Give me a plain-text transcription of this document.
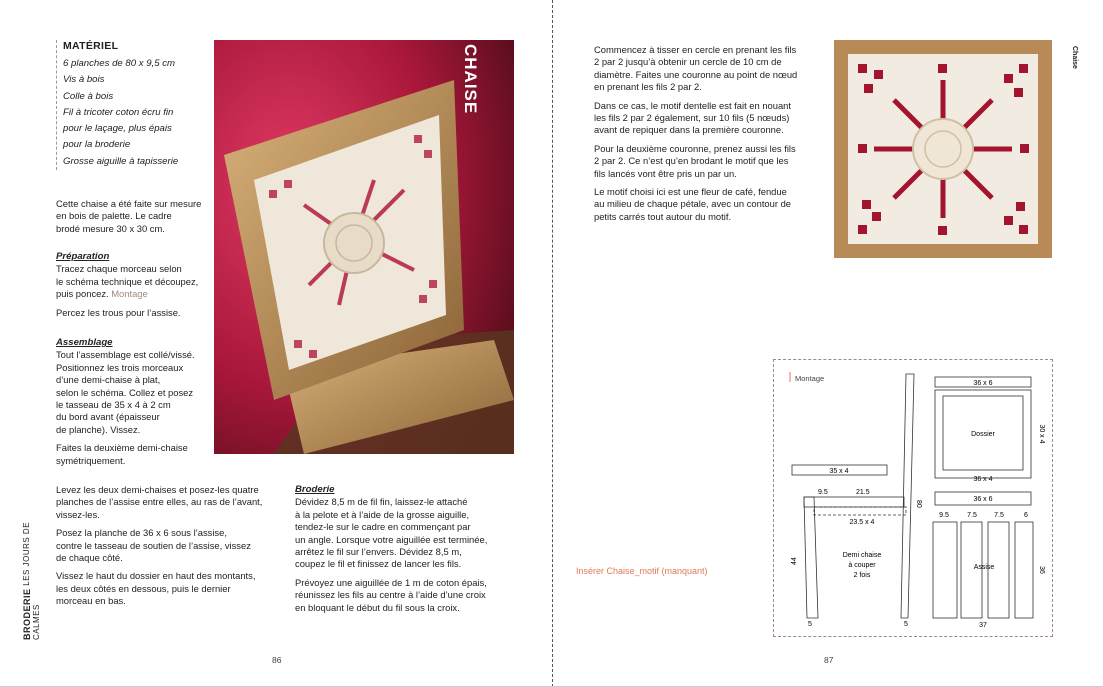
MATÉRIEL
6 planches de 80 x 9,5 cm
Vis à bois
Colle à bois
Fil à tricoter coton écru fin
pour le laçage, plus épais
pour la broderie
Grosse aiguille à tapisserie
Cette chaise a été faite sur mesure
en bois de palette. Le cadre
brodé mesure 30 x 30 cm.
Préparation
Tracez chaque morceau selon
le schéma technique et découpez,
puis poncez. Montage
Percez les trous pour l’assise.
Assemblage
Tout l’assemblage est collé/vissé.
Positionnez les trois morceaux
d’une demi-chaise à plat,
selon le schéma. Collez et posez
le tasseau de 35 x 4 à 2 cm
du bord avant (épaisseur
de planche). Vissez.
Faites la deuxième demi-chaise
symétriquement.
Levez les deux demi-chaises et posez-les quatre
planches de l’assise entre elles, au ras de l’avant,
vissez-les.
Posez la planche de 36 x 6 sous l’assise,
contre le tasseau de soutien de l’assise, vissez
de chaque côté.
Vissez le haut du dossier en haut des montants,
les deux côtés en dessous, puis le dernier
morceau en bas.
Broderie
Dévidez 8,5 m de fil fin, laissez-le attaché
à la pelote et à l’aide de la grosse aiguille,
tendez-le sur le cadre en commençant par
un angle. Lorsque votre aiguillée est terminée,
arrêtez le fil sur l’envers. Dévidez 8,5 m,
coupez le fil et finissez de lancer les fils.
Prévoyez une aiguillée de 1 m de coton épais,
réunissez les fils au centre à l’aide d’une croix
en bloquant le début du fil sous la croix.
CHAISE
BRODERIE LES JOURS DE CALMES
86
Commencez à tisser en cercle en prenant les fils
2 par 2 jusqu’à obtenir un cercle de 10 cm de
diamètre. Faites une couronne au point de nœud
en prenant les fils 2 par 2.
Dans ce cas, le motif dentelle est fait en nouant
les fils 2 par 2 également, sur 10 fils (5 nœuds)
avant de repiquer dans la première couronne.
Pour la deuxième couronne, prenez aussi les fils
2 par 2. Ce n’est qu’en brodant le motif que les
fils lancés vont être pris un par un.
Le motif choisi ici est une fleur de café, fendue
au milieu de chaque pétale, avec un contour de
petits carrés tout autour du motif.
87
Chaise
Insérer Chaise_motif (manquant)
Montage
36 x 6
Dossier	30 x 4
36 x 4
36 x 6
80
35 x 4
9.5	21.5
23.5 x 4
44
Demi chaise
à couper
2 fois
5	5
9.5	7.5 7.5	6
Assise	36
37
